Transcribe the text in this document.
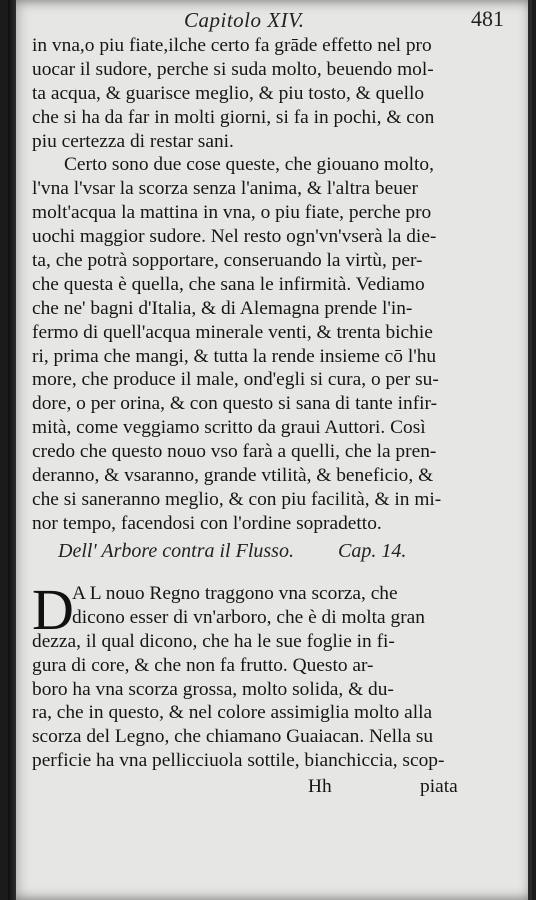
Capitolo XIV.	481
in vna,o piu fiate,ilche certo fa grāde effetto nel pro
uocar il sudore, perche si suda molto, beuendo mol-
ta acqua, & guarisce meglio, & piu tosto, & quello
che si ha da far in molti giorni, si fa in pochi, & con
piu certezza di restar sani.
Certo sono due cose queste, che giouano molto,
l'vna l'vsar la scorza senza l'anima, & l'altra beuer
molt'acqua la mattina in vna, o piu fiate, perche pro
uochi maggior sudore. Nel resto ogn'vn'vserà la die-
ta, che potrà sopportare, conseruando la virtù, per-
che questa è quella, che sana le infirmità. Vediamo
che ne' bagni d'Italia, & di Alemagna prende l'in-
fermo di quell'acqua minerale venti, & trenta bichie
ri, prima che mangi, & tutta la rende insieme cō l'hu
more, che produce il male, ond'egli si cura, o per su-
dore, o per orina, & con questo si sana di tante infir-
mità, come veggiamo scritto da graui Auttori. Così
credo che questo nouo vso farà a quelli, che la pren-
deranno, & vsaranno, grande vtilità, & beneficio, &
che si saneranno meglio, & con piu facilità, & in mi-
nor tempo, facendosi con l'ordine sopradetto.
Dell' Arbore contra il Flusso. Cap. 14.
D
A L nouo Regno traggono vna scorza, che
dicono esser di vn'arboro, che è di molta gran
dezza, il qual dicono, che ha le sue foglie in fi-
gura di core, & che non fa frutto. Questo ar-
boro ha vna scorza grossa, molto solida, & du-
ra, che in questo, & nel colore assimiglia molto alla
scorza del Legno, che chiamano Guaiacan. Nella su
perficie ha vna pellicciuola sottile, bianchiccia, scop-
Hh	piata
